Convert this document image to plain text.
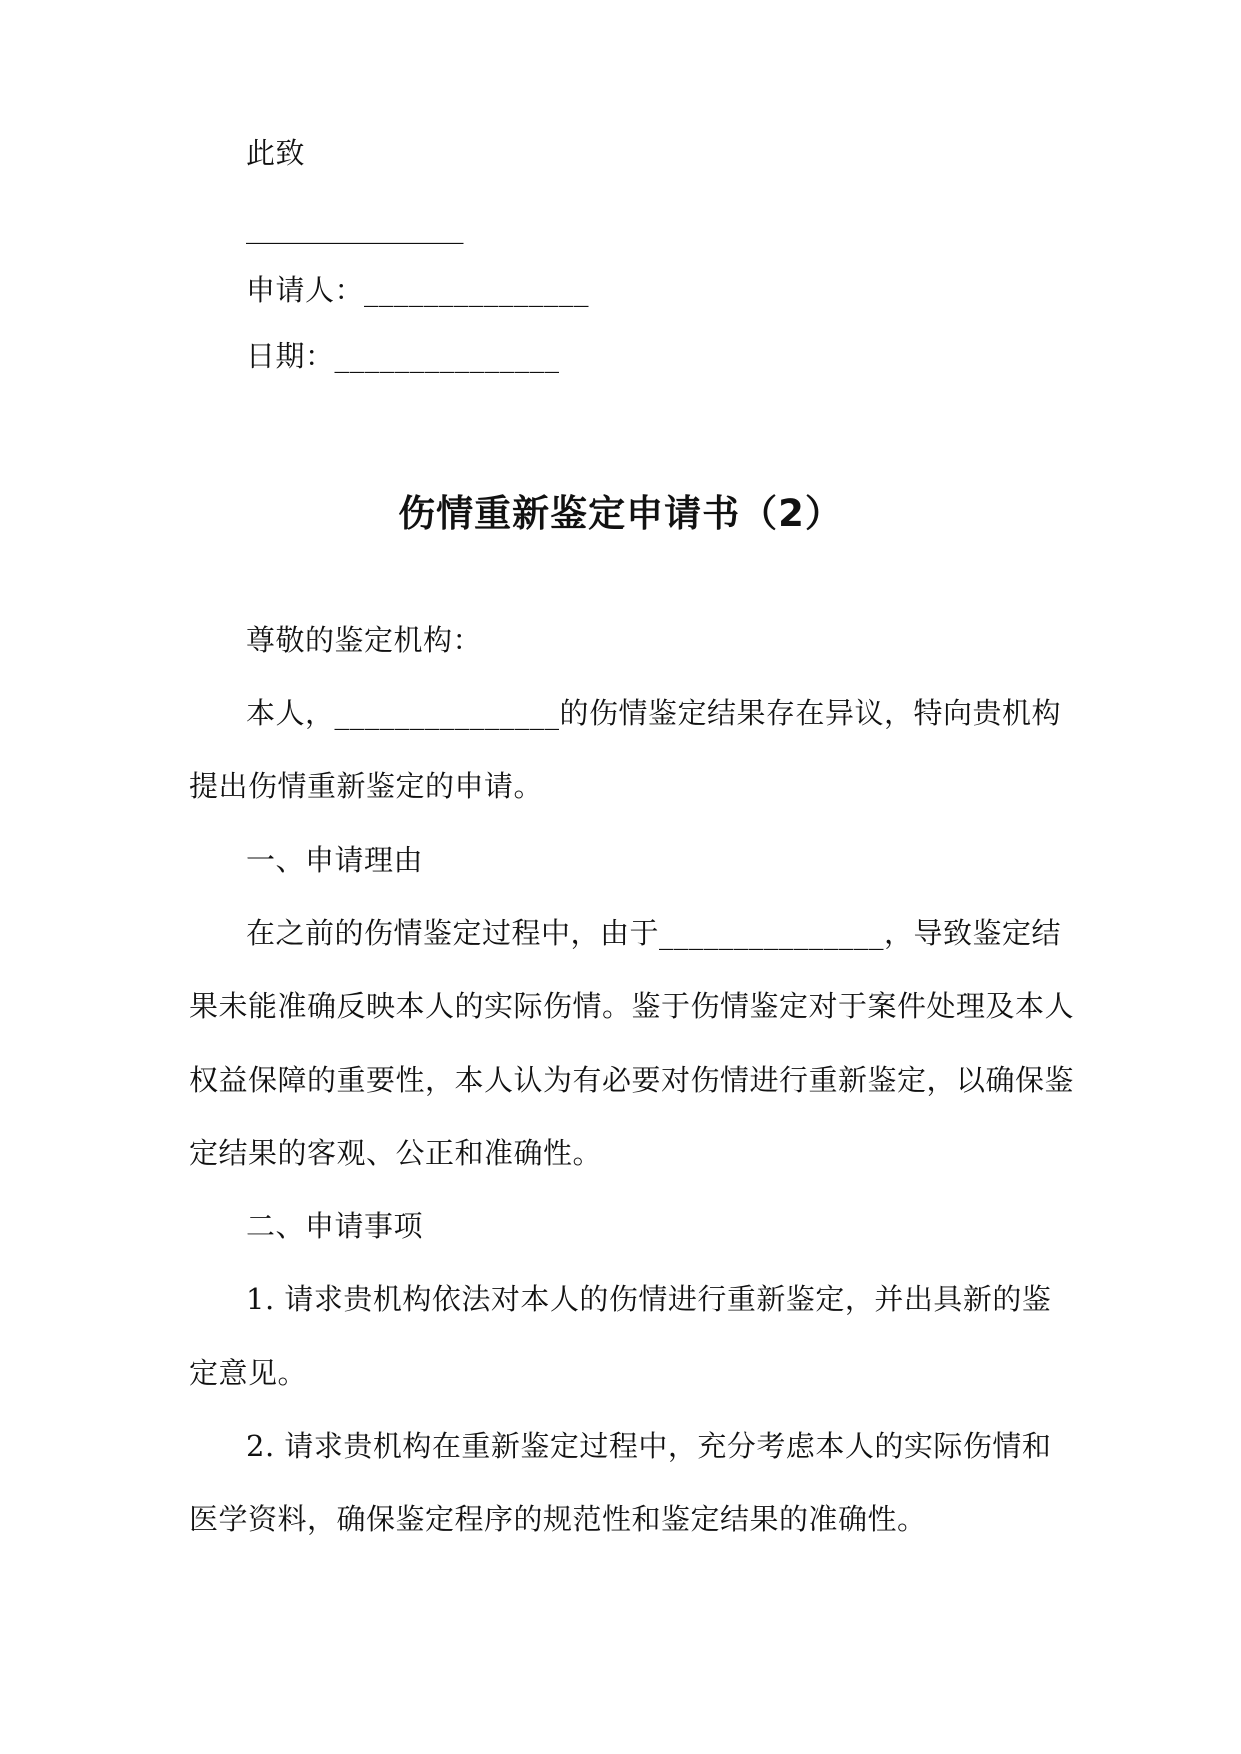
此致
_______________
申请人：_______________
日期：_______________
伤情重新鉴定申请书（2）
尊敬的鉴定机构：
本人，_______________的伤情鉴定结果存在异议，特向贵机构
提出伤情重新鉴定的申请。
一、申请理由
在之前的伤情鉴定过程中，由于_______________，导致鉴定结
果未能准确反映本人的实际伤情。鉴于伤情鉴定对于案件处理及本人
权益保障的重要性，本人认为有必要对伤情进行重新鉴定，以确保鉴
定结果的客观、公正和准确性。
二、申请事项
1. 请求贵机构依法对本人的伤情进行重新鉴定，并出具新的鉴
定意见。
2. 请求贵机构在重新鉴定过程中，充分考虑本人的实际伤情和
医学资料，确保鉴定程序的规范性和鉴定结果的准确性。
